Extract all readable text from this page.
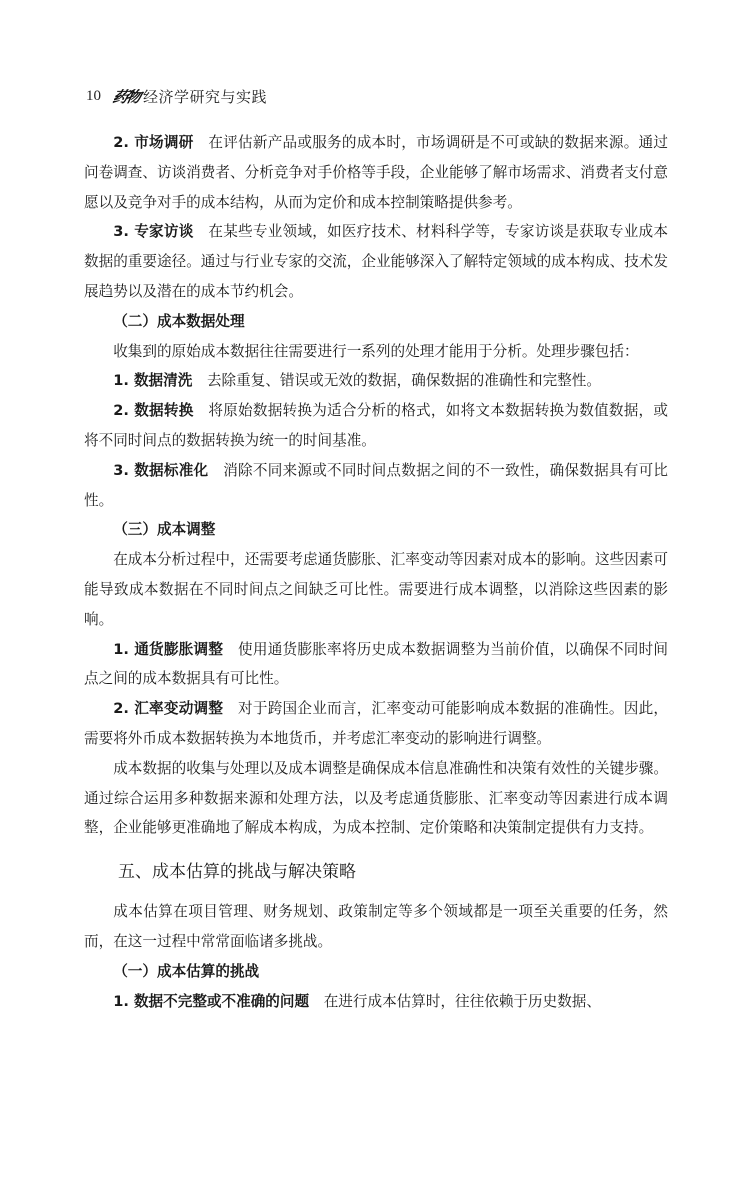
10 药物 经济学研究与实践

2. 市场调研  在评估新产品或服务的成本时，市场调研是不可或缺的数据来源。通过问卷调查、访谈消费者、分析竞争对手价格等手段，企业能够了解市场需求、消费者支付意愿以及竞争对手的成本结构，从而为定价和成本控制策略提供参考。

3. 专家访谈  在某些专业领域，如医疗技术、材料科学等，专家访谈是获取专业成本数据的重要途径。通过与行业专家的交流，企业能够深入了解特定领域的成本构成、技术发展趋势以及潜在的成本节约机会。

（二）成本数据处理

收集到的原始成本数据往往需要进行一系列的处理才能用于分析。处理步骤包括：

1. 数据清洗  去除重复、错误或无效的数据，确保数据的准确性和完整性。

2. 数据转换  将原始数据转换为适合分析的格式，如将文本数据转换为数值数据，或将不同时间点的数据转换为统一的时间基准。

3. 数据标准化  消除不同来源或不同时间点数据之间的不一致性，确保数据具有可比性。

（三）成本调整

在成本分析过程中，还需要考虑通货膨胀、汇率变动等因素对成本的影响。这些因素可能导致成本数据在不同时间点之间缺乏可比性。需要进行成本调整，以消除这些因素的影响。

1. 通货膨胀调整  使用通货膨胀率将历史成本数据调整为当前价值，以确保不同时间点之间的成本数据具有可比性。

2. 汇率变动调整  对于跨国企业而言，汇率变动可能影响成本数据的准确性。因此，需要将外币成本数据转换为本地货币，并考虑汇率变动的影响进行调整。

成本数据的收集与处理以及成本调整是确保成本信息准确性和决策有效性的关键步骤。通过综合运用多种数据来源和处理方法，以及考虑通货膨胀、汇率变动等因素进行成本调整，企业能够更准确地了解成本构成，为成本控制、定价策略和决策制定提供有力支持。

五、成本估算的挑战与解决策略

成本估算在项目管理、财务规划、政策制定等多个领域都是一项至关重要的任务，然而，在这一过程中常常面临诸多挑战。

（一）成本估算的挑战

1. 数据不完整或不准确的问题  在进行成本估算时，往往依赖于历史数据、
